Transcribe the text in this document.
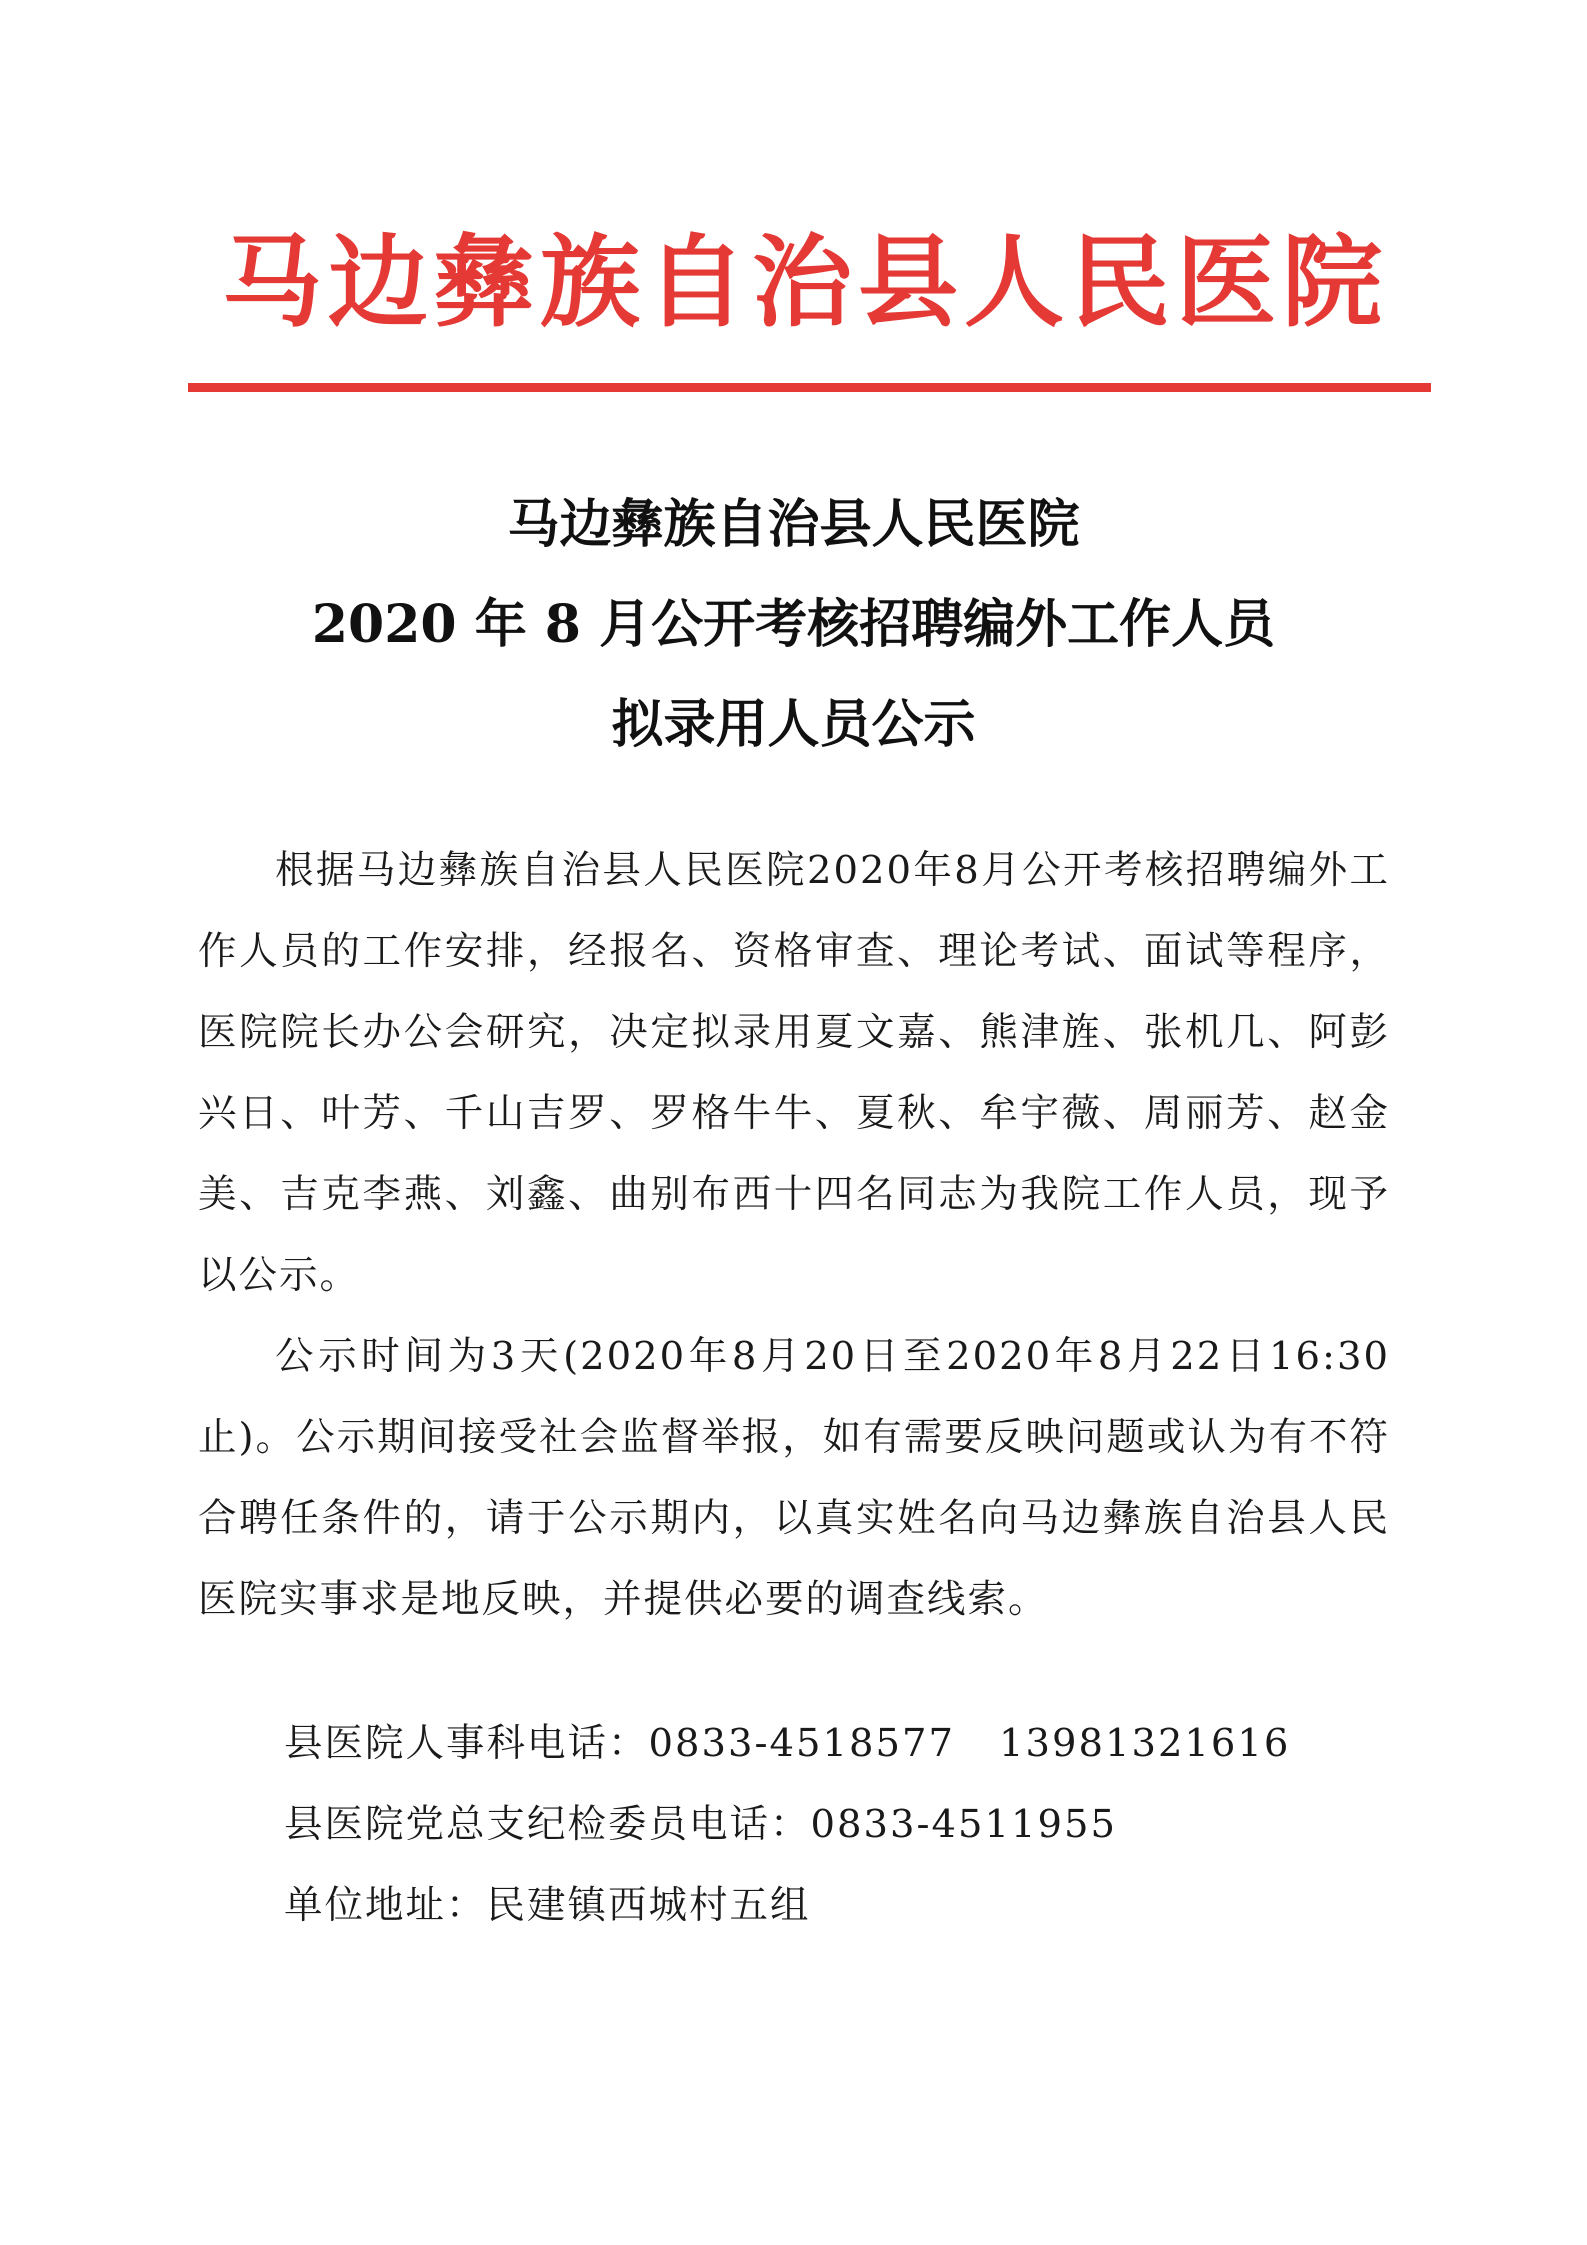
马边彝族自治县人民医院
马边彝族自治县人民医院
2020 年 8 月公开考核招聘编外工作人员
拟录用人员公示

根据马边彝族自治县人民医院2020年8月公开考核招聘编外工作人员的工作安排，经报名、资格审查、理论考试、面试等程序，医院院长办公会研究，决定拟录用夏文嘉、熊津旌、张机几、阿彭兴日、叶芳、千山吉罗、罗格牛牛、夏秋、牟宇薇、周丽芳、赵金美、吉克李燕、刘鑫、曲别布西十四名同志为我院工作人员，现予以公示。

公示时间为3天(2020年8月20日至2020年8月22日16:30止)。公示期间接受社会监督举报，如有需要反映问题或认为有不符合聘任条件的，请于公示期内，以真实姓名向马边彝族自治县人民医院实事求是地反映，并提供必要的调查线索。

县医院人事科电话：0833-4518577 13981321616
县医院党总支纪检委员电话：0833-4511955
单位地址：民建镇西城村五组
